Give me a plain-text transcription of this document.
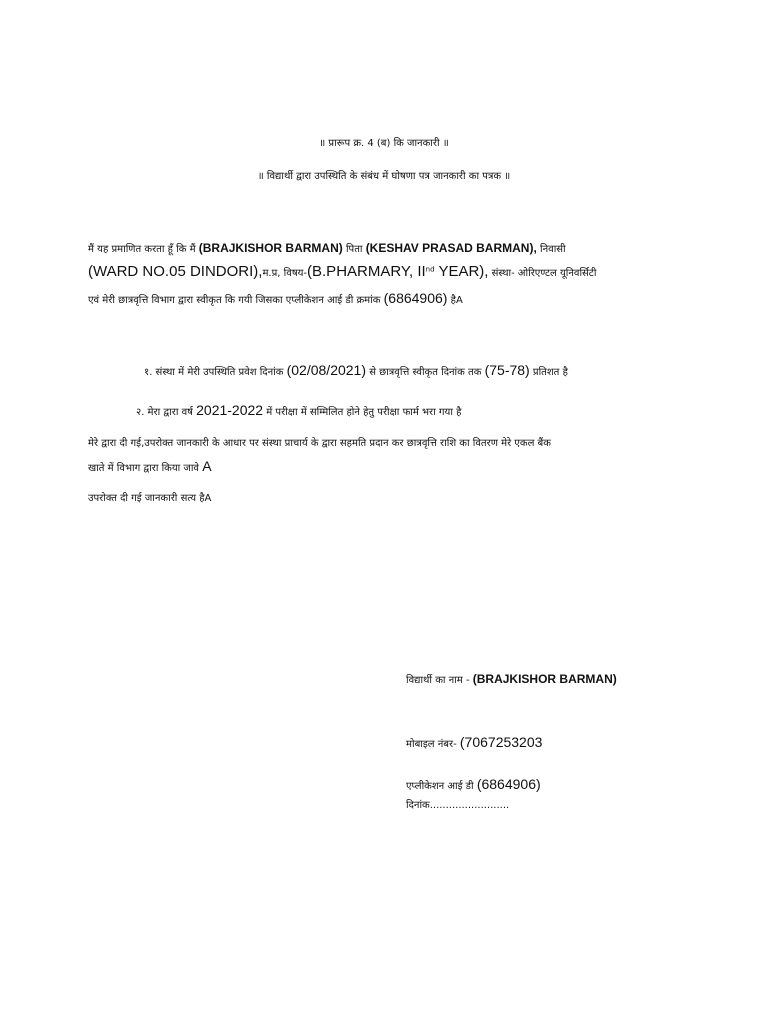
॥ प्रारूप क्र. 4 (ब) कि जानकारी ॥
॥ विद्यार्थी द्वारा उपस्थिति के संबंध में घोषणा पत्र जानकारी का पत्रक ॥
मैं यह प्रमाणित करता हूँ कि मैं (BRAJKISHOR BARMAN) पिता (KESHAV PRASAD BARMAN), निवासी
(WARD NO.05 DINDORI),म.प्र, विषय-(B.PHARMARY, IInd YEAR), संस्था- ओरिएण्टल यूनिवर्सिटी
एवं मेरी छात्रवृत्ति विभाग द्वारा स्वीकृत कि गयी जिसका एप्लीकेशन आई डी क्रमांक (6864906) हैA
१. संस्था में मेरी उपस्थिति प्रवेश दिनांक (02/08/2021) से छात्रवृत्ति स्वीकृत दिनांक तक (75-78) प्रतिशत है
२. मेरा द्वारा वर्ष 2021-2022 में परीक्षा में सम्मिलित होने हेतु परीक्षा फार्म भरा गया है
मेरे द्वारा दी गई,उपरोक्त जानकारी के आधार पर संस्था प्राचार्य के द्वारा सहमति प्रदान कर छात्रवृत्ति राशि का वितरण मेरे एकल बैंक
खाते में विभाग द्वारा किया जावे A
उपरोक्त दी गई जानकारी सत्य हैA
विद्यार्थी का नाम - (BRAJKISHOR BARMAN)
मोबाइल नंबर- (7067253203
एप्लीकेशन आई डी (6864906)
दिनांक.........................
